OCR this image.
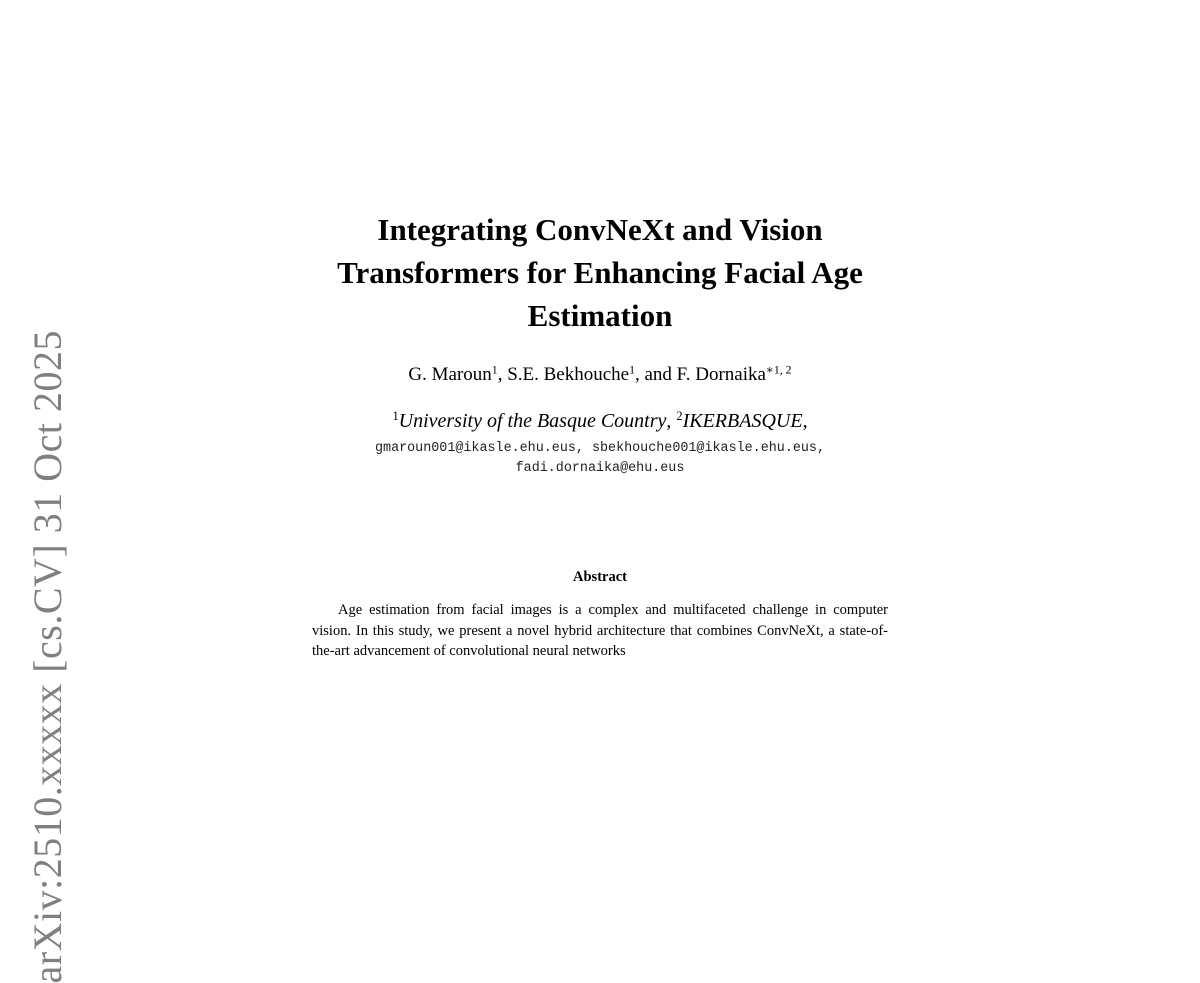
arXiv:2510.xxxxx [cs.CV] 31 Oct 2025
Integrating ConvNeXt and Vision Transformers for Enhancing Facial Age Estimation
G. Maroun$^1$, S.E. Bekhouche$^1$, and F. Dornaika$^{∗1, 2}$
$^1$University of the Basque Country, $^2$IKERBASQUE,
gmaroun001@ikasle.ehu.eus, sbekhouche001@ikasle.ehu.eus,
fadi.dornaika@ehu.eus
Abstract

Age estimation from facial images is a complex and multifaceted challenge in computer vision. In this study, we present a novel hybrid architecture that combines ConvNeXt, a state-of-the-art advancement of convolutional neural networks
